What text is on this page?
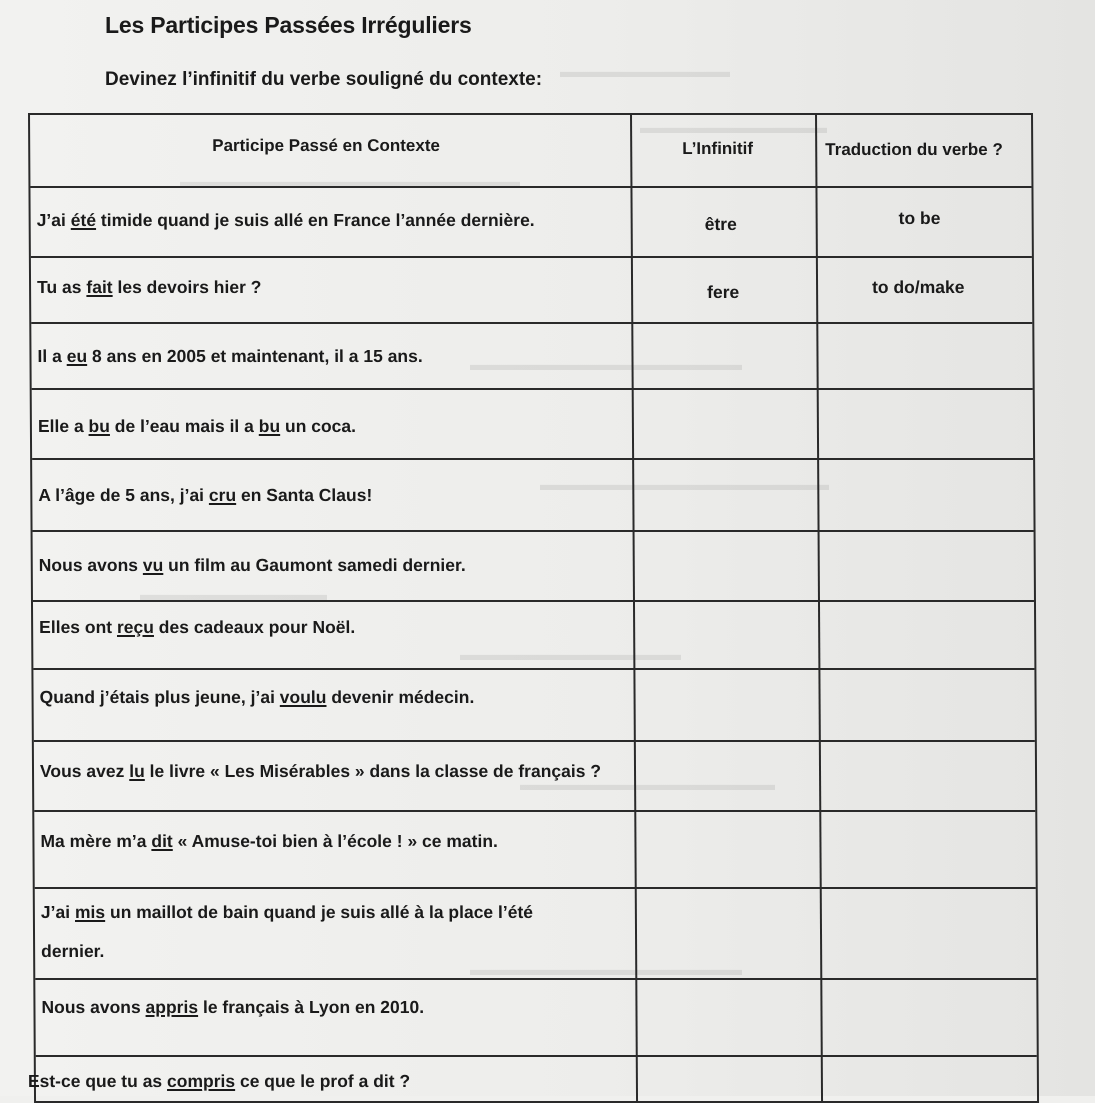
▬▬▬▬▬▬▬▬▬▬
▬▬▬▬▬▬▬▬▬▬▬
▬▬▬▬▬▬▬▬▬▬▬▬▬▬▬▬▬▬▬▬
▬▬▬▬▬▬▬▬▬▬▬▬▬▬▬▬
▬▬▬▬▬▬▬▬▬▬▬▬▬▬▬▬▬
▬▬▬▬▬▬▬▬▬▬▬
▬▬▬▬▬▬▬▬▬▬▬▬▬
▬▬▬▬▬▬▬▬▬▬▬▬▬▬▬
▬▬▬▬▬▬▬▬▬▬▬▬▬▬▬▬
Les Participes Passées Irréguliers
Devinez l’infinitif du verbe souligné du contexte:
Participe Passé en Contexte	L’Infinitif	Traduction du verbe ?
J’ai été timide quand je suis allé en France l’année dernière.	être	to be
Tu as fait les devoirs hier ?	fere	to do/make
Il a eu 8 ans en 2005 et maintenant, il a 15 ans.
Elle a bu de l’eau mais il a bu un coca.
A l’âge de 5 ans, j’ai cru en Santa Claus!
Nous avons vu un film au Gaumont samedi dernier.
Elles ont reçu des cadeaux pour Noël.
Quand j’étais plus jeune, j’ai voulu devenir médecin.
Vous avez lu le livre « Les Misérables » dans la classe de français ?
Ma mère m’a dit « Amuse-toi bien à l’école ! » ce matin.
J’ai mis un maillot de bain quand je suis allé à la place l’été
dernier.
Nous avons appris le français à Lyon en 2010.
Est-ce que tu as compris ce que le prof a dit ?
